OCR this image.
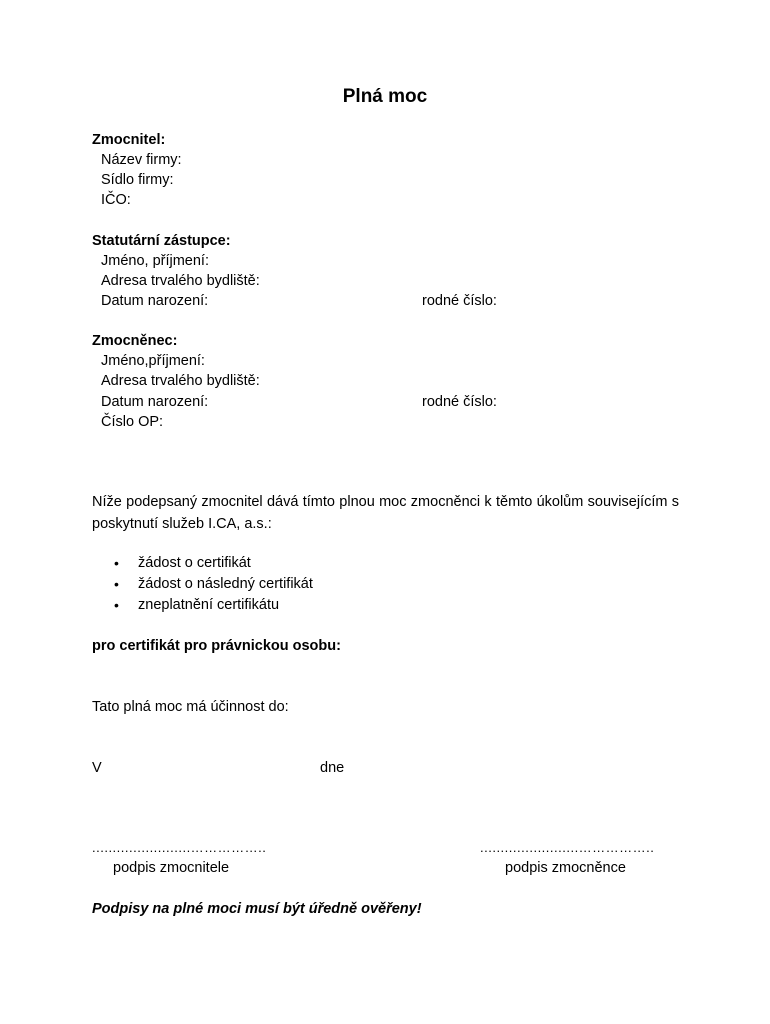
Plná moc
Zmocnitel:
Název firmy:
Sídlo firmy:
IČO:
Statutární zástupce:
Jméno, příjmení:
Adresa trvalého bydliště:
Datum narození:	rodné číslo:
Zmocněnec:
Jméno,příjmení:
Adresa trvalého bydliště:
Datum narození:	rodné číslo:
Číslo OP:
Níže podepsaný zmocnitel dává tímto plnou moc zmocněnci k těmto úkolům souvisejícím s poskytnutí služeb I.CA, a.s.:
• žádost o certifikát
• žádost o následný certifikát
• zneplatnění certifikátu
pro certifikát pro právnickou osobu:
Tato plná moc má účinnost do:
V	dne
........................……………..
podpis zmocnitele
........................……………..
podpis zmocněnce
Podpisy na plné moci musí být úředně ověřeny!
